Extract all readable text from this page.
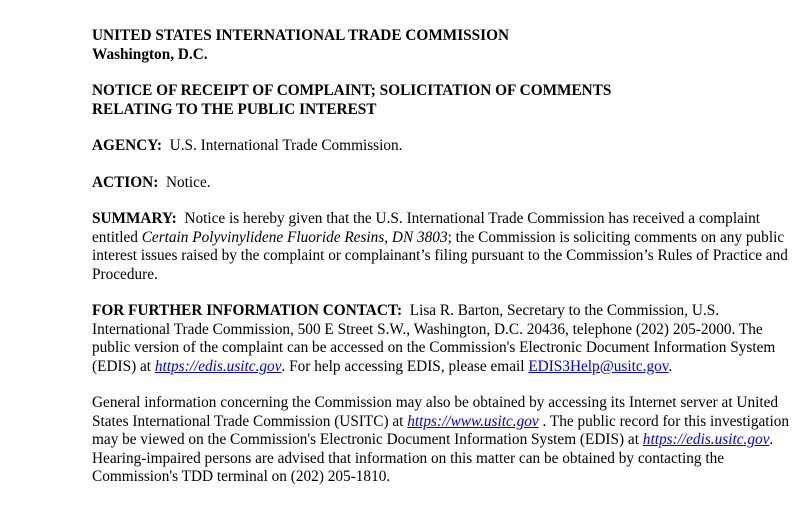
UNITED STATES INTERNATIONAL TRADE COMMISSION

Washington, D.C.

NOTICE OF RECEIPT OF COMPLAINT; SOLICITATION OF COMMENTS

RELATING TO THE PUBLIC INTEREST

AGENCY: U.S. International Trade Commission.

ACTION: Notice.

SUMMARY: Notice is hereby given that the U.S. International Trade Commission has received a complaint entitled Certain Polyvinylidene Fluoride Resins, DN 3803; the Commission is soliciting comments on any public interest issues raised by the complaint or complainant’s filing pursuant to the Commission’s Rules of Practice and Procedure.

FOR FURTHER INFORMATION CONTACT: Lisa R. Barton, Secretary to the Commission, U.S. International Trade Commission, 500 E Street S.W., Washington, D.C. 20436, telephone (202) 205-2000. The public version of the complaint can be accessed on the Commission's Electronic Document Information System (EDIS) at https://edis.usitc.gov. For help accessing EDIS, please email EDIS3Help@usitc.gov.

General information concerning the Commission may also be obtained by accessing its Internet server at United States International Trade Commission (USITC) at https://www.usitc.gov . The public record for this investigation may be viewed on the Commission's Electronic Document Information System (EDIS) at https://edis.usitc.gov. Hearing-impaired persons are advised that information on this matter can be obtained by contacting the Commission's TDD terminal on (202) 205-1810.
